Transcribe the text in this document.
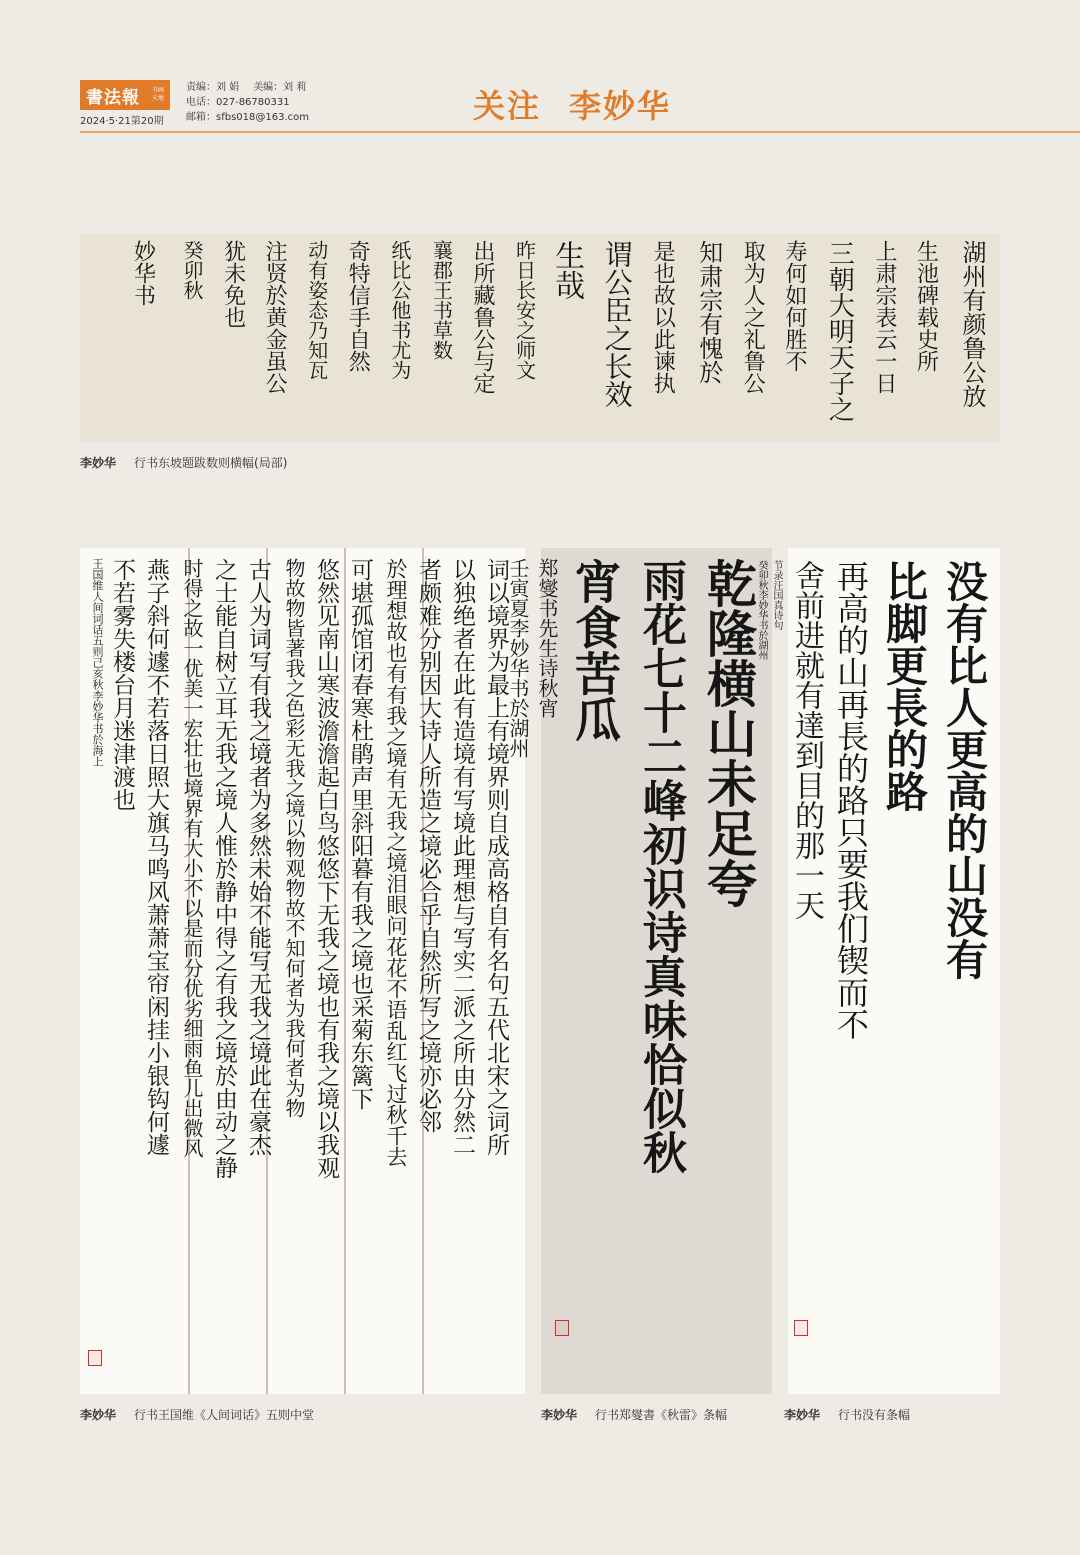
書法報 书画
天地
2024·5·21第20期
责编：刘 娟 美编：刘 莉
电话：027-86780331
邮箱：sfbs018@163.com	关注 李妙华
湖州有颜鲁公放
生池碑载史所
上肃宗表云一日
三朝大明天子之
寿何如何胜不
取为人之礼鲁公
知肃宗有愧於
是也故以此谏执
谓公臣之长效
生哉
昨日长安之师文
出所藏鲁公与定
襄郡王书草数
纸比公他书尤为
奇特信手自然
动有姿态乃知瓦
注贤於黄金虽公
犹未免也
癸卯秋
妙华书
李妙华 行书东坡题跋数则横幅(局部)
词以境界为最上有境界则自成高格自有名句五代北宋之词所
以独绝者在此有造境有写境此理想与写实二派之所由分然二
者颇难分别因大诗人所造之境必合乎自然所写之境亦必邻
於理想故也有有我之境有无我之境泪眼问花花不语乱红飞过秋千去
可堪孤馆闭春寒杜鹃声里斜阳暮有我之境也采菊东篱下
悠然见南山寒波澹澹起白鸟悠悠下无我之境也有我之境以我观
物故物皆著我之色彩无我之境以物观物故不知何者为我何者为物
古人为词写有我之境者为多然未始不能写无我之境此在豪杰
之士能自树立耳无我之境人惟於静中得之有我之境於由动之静
时得之故一优美一宏壮也境界有大小不以是而分优劣细雨鱼儿出微风
燕子斜何遽不若落日照大旗马鸣风萧萧宝帘闲挂小银钩何遽
不若雾失楼台月迷津渡也
王国维人间词话五则己亥秋李妙华书於海上
李妙华 行书王国维《人间词话》五则中堂
乾隆横山未足夸
雨花七十二峰初识诗真味恰似秋
宵食苦瓜
郑燮书先生诗秋宵
壬寅夏李妙华书於湖州
李妙华 行书郑燮書《秋雷》条幅
没有比人更高的山没有
比脚更長的路
再高的山再長的路只要我们锲而不
舍前进就有達到目的那一天
节录汪国真诗句
癸卯秋李妙华书於湖州
李妙华 行书没有条幅
